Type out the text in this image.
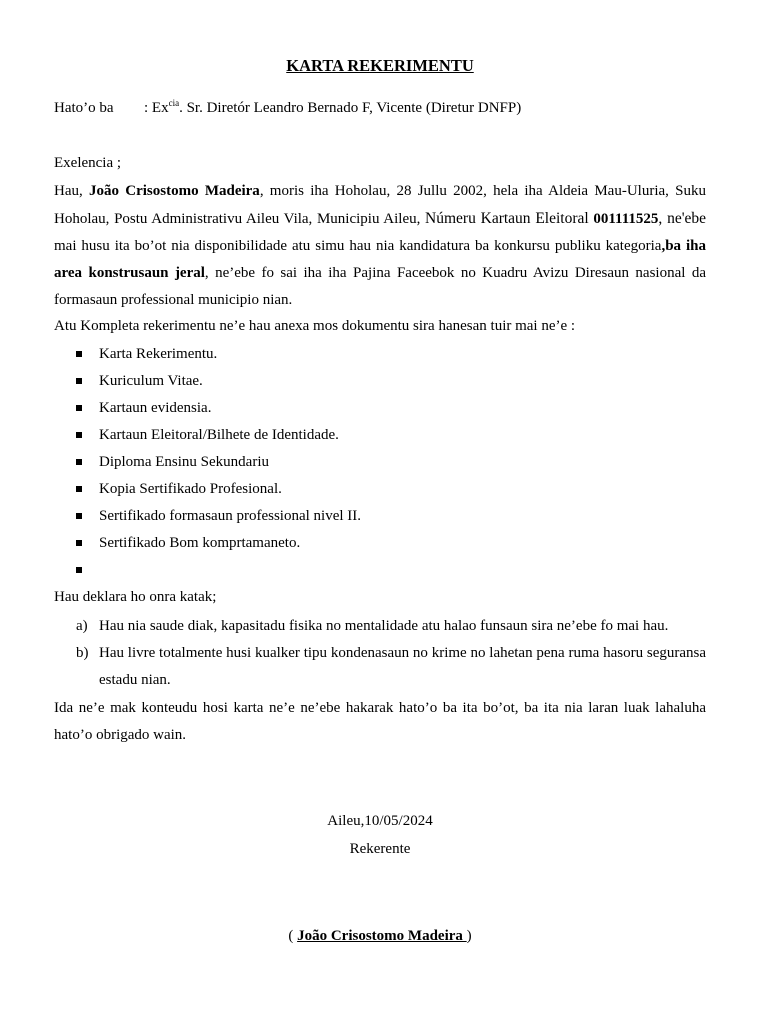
KARTA REKERIMENTU
Hato’o ba : $Ex^{cia}$. Sr. Diretór Leandro Bernado F, Vicente (Diretur DNFP)
Exelencia ;
Hau, João Crisostomo Madeira, moris iha Hoholau, 28 Jullu 2002, hela iha Aldeia Mau-Uluria, Suku Hoholau, Postu Administrativu Aileu Vila, Municipiu Aileu, Númeru Kartaun Eleitoral 001111525, ne'ebe mai husu ita bo’ot nia disponibilidade atu simu hau nia kandidatura ba konkursu publiku kategoria,ba iha area konstrusaun jeral, ne’ebe fo sai iha iha Pajina Faceebok no Kuadru Avizu Diresaun nasional da formasaun professional municipio nian.
Atu Kompleta rekerimentu ne’e hau anexa mos dokumentu sira hanesan tuir mai ne’e :
Karta Rekerimentu.
Kuriculum Vitae.
Kartaun evidensia.
Kartaun Eleitoral/Bilhete de Identidade.
Diploma Ensinu Sekundariu
Kopia Sertifikado Profesional.
Sertifikado formasaun professional nivel II.
Sertifikado Bom komprtamaneto.
Hau deklara ho onra katak;
a) Hau nia saude diak, kapasitadu fisika no mentalidade atu halao funsaun sira ne’ebe fo mai hau.
b) Hau livre totalmente husi kualker tipu kondenasaun no krime no lahetan pena ruma hasoru seguransa estadu nian.
Ida ne’e mak konteudu hosi karta ne’e ne’ebe hakarak hato’o ba ita bo’ot, ba ita nia laran luak lahaluha hato’o obrigado wain.
Aileu,10/05/2024
Rekerente
( João Crisostomo Madeira )
